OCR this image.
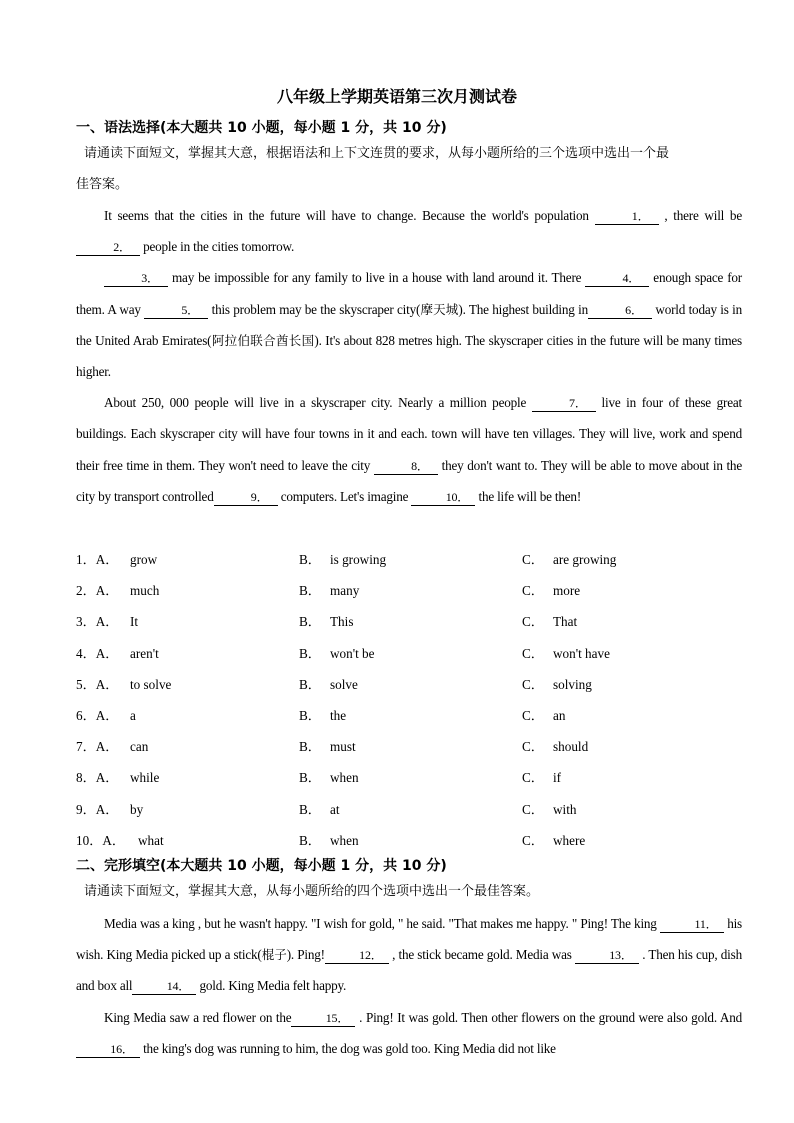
八年级上学期英语第三次月测试卷
一、语法选择(本大题共 10 小题，每小题 1 分，共 10 分)
请通读下面短文，掌握其大意，根据语法和上下文连贯的要求，从每小题所给的三个选项中选出一个最
佳答案。

It seems that the cities in the future will have to change. Because the world's population	1． , there will be 2． people in the cities tomorrow.

3． may be impossible for any family to live in a house with land around it. There	4． enough space for them. A way	5． this problem may be the skyscraper city(摩天城). The highest building in	6． world today is in the United Arab Emirates(阿拉伯联合酋长国). It's about 828 metres high. The skyscraper cities in the future will be many times higher.

About 250, 000 people will live in a skyscraper city. Nearly a million people	7． live in four of these great buildings. Each skyscraper city will have four towns in it and each. town will have ten villages. They will live, work and spend their free time in them. They won't need to leave the city	8． they don't want to. They will be able to move about in the city by transport controlled	9． computers. Let's imagine	10． the life will be then!

1．A． grow	B． is growing	C． are growing
2．A． much	B． many	C． more
3．A． It	B． This	C． That
4．A． aren't	B． won't be	C． won't have
5．A． to solve	B． solve	C． solving
6．A． a	B． the	C． an
7．A． can	B． must	C． should
8．A． while	B． when	C． if
9．A． by	B． at	C． with
10．A． what	B． when	C． where
二、完形填空(本大题共 10 小题，每小题 1 分，共 10 分)
请通读下面短文，掌握其大意，从每小题所给的四个选项中选出一个最佳答案。

Media was a king , but he wasn't happy. "I wish for gold, " he said. "That makes me happy. " Ping! The king	11． his wish. King Media picked up a stick(棍子). Ping!	12． , the stick became gold. Media was	13． . Then his cup, dish and box all	14． gold. King Media felt happy.

King Media saw a red flower on the	15． . Ping! It was gold. Then other flowers on the ground were also gold. And 16． the king's dog was running to him, the dog was gold too. King Media did not like
